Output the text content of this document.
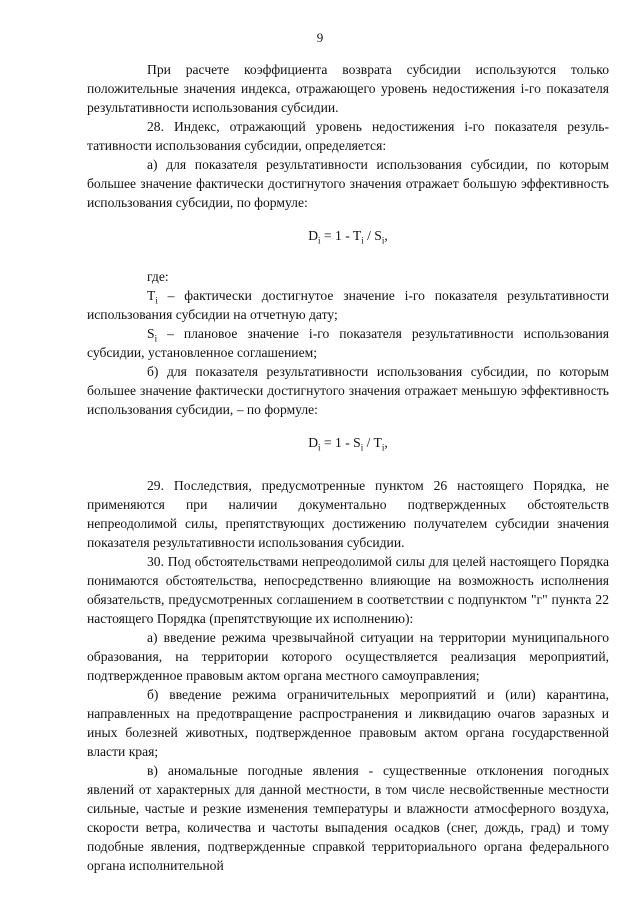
9

При расчете коэффициента возврата субсидии используются только положительные значения индекса, отражающего уровень недостижения i-го показателя результативности использования субсидии.

28. Индекс, отражающий уровень недостижения i-го показателя результативности использования субсидии, определяется:

а) для показателя результативности использования субсидии, по которым большее значение фактически достигнутого значения отражает большую эффективность использования субсидии, по формуле:

$D_i = 1 - T_i / S_i$,

где:

$T_i$ – фактически достигнутое значение i-го показателя результативности использования субсидии на отчетную дату;

$S_i$ – плановое значение i-го показателя результативности использования субсидии, установленное соглашением;

б) для показателя результативности использования субсидии, по которым большее значение фактически достигнутого значения отражает меньшую эффективность использования субсидии, – по формуле:

$D_i = 1 - S_i / T_i$,

29. Последствия, предусмотренные пунктом 26 настоящего Порядка, не применяются при наличии документально подтвержденных обстоятельств непреодолимой силы, препятствующих достижению получателем субсидии значения показателя результативности использования субсидии.

30. Под обстоятельствами непреодолимой силы для целей настоящего Порядка понимаются обстоятельства, непосредственно влияющие на возможность исполнения обязательств, предусмотренных соглашением в соответствии с подпунктом "г" пункта 22 настоящего Порядка (препятствующие их исполнению):

а) введение режима чрезвычайной ситуации на территории муниципального образования, на территории которого осуществляется реализация мероприятий, подтвержденное правовым актом органа местного самоуправления;

б) введение режима ограничительных мероприятий и (или) карантина, направленных на предотвращение распространения и ликвидацию очагов заразных и иных болезней животных, подтвержденное правовым актом органа государственной власти края;

в) аномальные погодные явления - существенные отклонения погодных явлений от характерных для данной местности, в том числе несвойственные местности сильные, частые и резкие изменения температуры и влажности атмосферного воздуха, скорости ветра, количества и частоты выпадения осадков (снег, дождь, град) и тому подобные явления, подтвержденные справкой территориального органа федерального органа исполнительной
